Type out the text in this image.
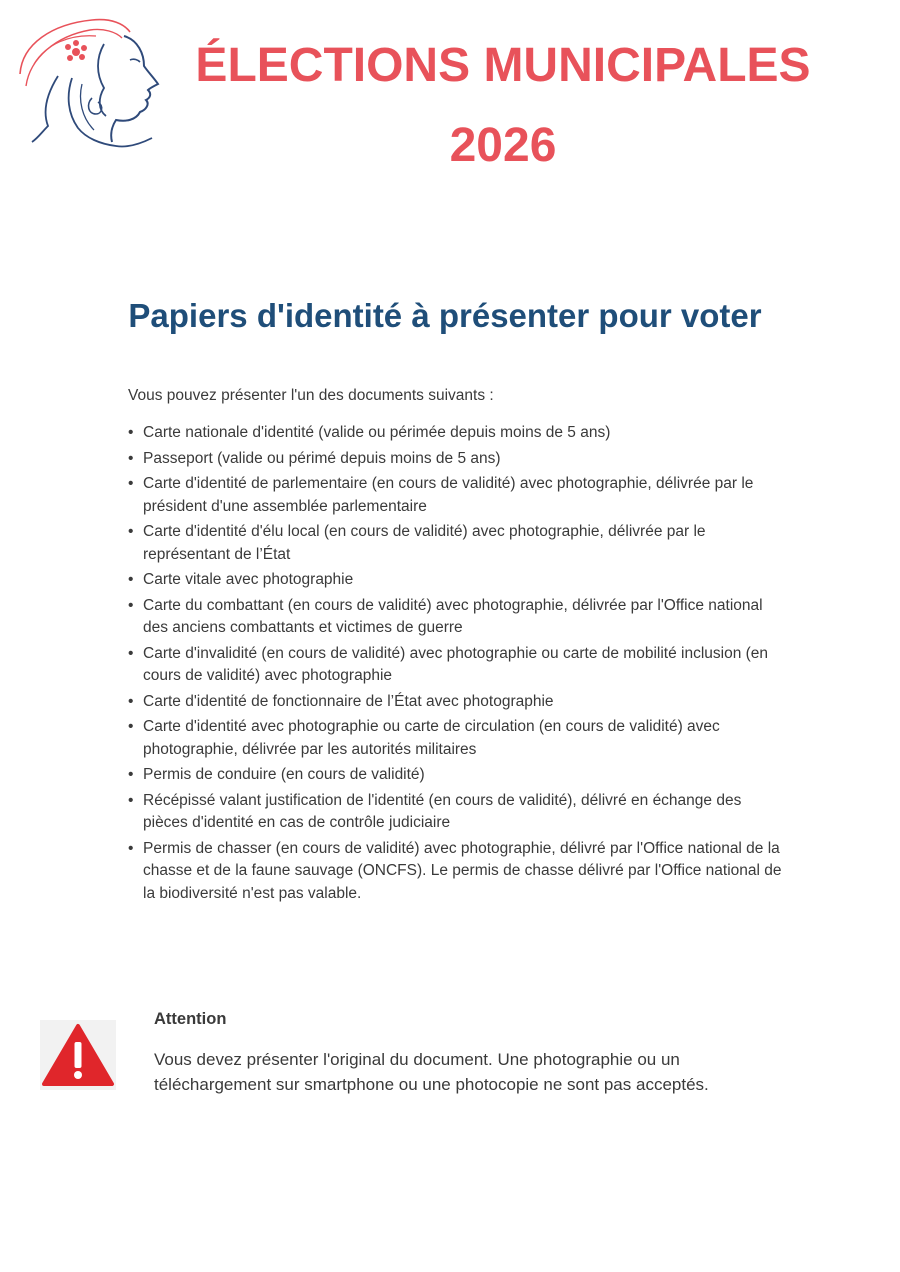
ÉLECTIONS MUNICIPALES
2026
Papiers d'identité à présenter pour voter

Vous pouvez présenter l'un des documents suivants :

• Carte nationale d'identité (valide ou périmée depuis moins de 5 ans)
• Passeport (valide ou périmé depuis moins de 5 ans)
• Carte d'identité de parlementaire (en cours de validité) avec photographie, délivrée par le président d'une assemblée parlementaire
• Carte d'identité d'élu local (en cours de validité) avec photographie, délivrée par le représentant de l’État
• Carte vitale avec photographie
• Carte du combattant (en cours de validité) avec photographie, délivrée par l'Office national des anciens combattants et victimes de guerre
• Carte d'invalidité (en cours de validité) avec photographie ou carte de mobilité inclusion (en cours de validité) avec photographie
• Carte d'identité de fonctionnaire de l’État avec photographie
• Carte d'identité avec photographie ou carte de circulation (en cours de validité) avec photographie, délivrée par les autorités militaires
• Permis de conduire (en cours de validité)
• Récépissé valant justification de l'identité (en cours de validité), délivré en échange des pièces d'identité en cas de contrôle judiciaire
• Permis de chasser (en cours de validité) avec photographie, délivré par l'Office national de la chasse et de la faune sauvage (ONCFS). Le permis de chasse délivré par l'Office national de la biodiversité n'est pas valable.

Attention

Vous devez présenter l'original du document. Une photographie ou un téléchargement sur smartphone ou une photocopie ne sont pas acceptés.
